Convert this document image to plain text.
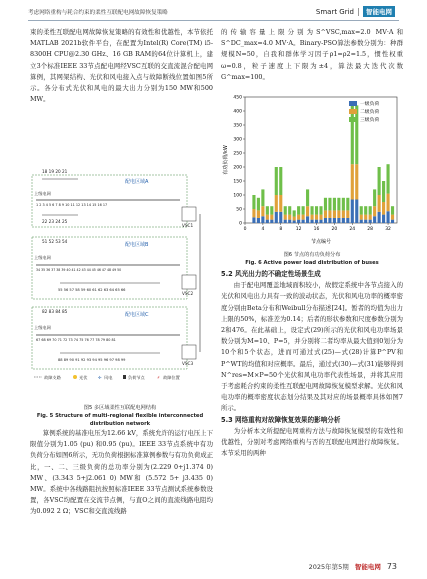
考虑网络重构与耗合约束的柔性互联配电网故障恢复策略	Smart Grid	智能电网

束的柔性互联配电网故障恢复策略的有效性和优越性，本节依托MATLAB 2021b软件平台，在配置为Intel(R) Core(TM) i5-8300H CPU@2.30 GHz、16 GB RAM的64位计算机上，建立3个标准IEEE 33节点配电网经VSC互联的交直流混合配电网算例，其网架结构、光伏和风电接入点与故障断线位置如图5所示。各分布式光伏和风电的最大出力分别为150 MW和500 MW。

配电区域A
18 19 20 21
上级电网
1 2 3 4 5 6 7 8 9 10 11 12 13 14 15 16 17
22 23 24 25
VSC1
配电区域B
51 52 53 54
上级电网
34 35 36 37 38 39 40 41 42 43 44 45 46 47 48 49 50
55 56 57 58 59 60 61 62 63 64 65 66
VSC2
配电区域C
82 83 84 85
上级电网
67 68 69 70 71 72 73 74 75 76 77 78 79 80 81
88 89 90 91 92 93 94 95 96 97 98 99
VSC3
故障支路	光伏	✢ 风电	负荷节点	⚡ 故障位置
图5 多区域柔性互联配电网结构
Fig. 5 Structure of multi-regional flexible interconnected distribution network

算例系统的基准电压为12.66 kV，系统允许的运行电压上下限值分别为1.05 (pu) 和0.95 (pu)。IEEE 33节点系统中有功负荷分布如图6所示，无功负荷根据标准算例参数与有功负荷成正比，一、二、三级负荷的总功率分别为(2.229 0+j1.374 0) MW、(3.343 5+j2.061 0) MW和 (5.572 5+ j3.435 0) MW。系统中各线路阻抗按照标准IEEE 33节点测试系统参数设置，各VSC均配置在交流节点侧，与直O之间的直流线路电阻均为0.092 2 Ω；VSC和交直流线路

的传输容量上限分别为S^VSC,max=2.0 MV·A和S^DC_max=4.0 MV·A。Binary-PSO算法参数分别为：种群规模N=50，自我和群体学习因子ρ1=ρ2=1.5，惯性权重ω=0.8，粒子速度上下限为±4，算法最大迭代次数G^max=100。

0
50
100
150
200
250
300
350
400
450
0	4	8	12	16	20	24	28	32
节点编号
有功负荷/kW
一级负荷
二级负荷
三级负荷
图6 节点的有功负荷分布
Fig. 6 Active power load distribution of buses
5.2 风光出力的不确定性场景生成

由于配电网覆盖地域面积较小，故假定系统中各节点接入的光伏和风电出力具有一致的波动状态，光伏和风电功率的概率密度分别由Beta分布和Weibull分布描述[24]。暂者的均值为出力上限的50%，标准差为0.14；后者的形状参数和尺度参数分别为2和476。在此基础上，设定式(29)所示的光伏和风电功率场景数分别为M=10、P=5，并分别将二者均率从最大值到0划分为10个和5个状态，进而可通过式(25)—式(28)计算P^PV和P^WT的均值和对应概率。最后，通过式(30)—式(31)能够得到N^res=M×P=50个光伏和风电功率代表性场景，并将其应用于考虑耗合约束的柔性互联配电网故障恢复模型求解。光伏和风电功率的概率密度状态划分结果及其对应的场景概率具体如图7所示。

5.3 网络重构对故障恢复效果的影响分析

为分析本文所提配电网重构方法与故障恢复模型的有效性和优越性，分别对考虑网络重构与否的互联配电网进行故障恢复。本节采用的两种

2025年第5期 智能电网 73
